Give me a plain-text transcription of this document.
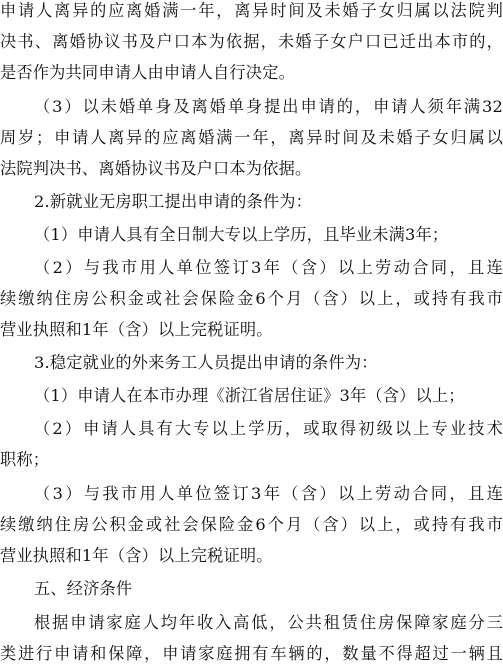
申请人离异的应离婚满一年，离异时间及未婚子女归属以法院判
决书、离婚协议书及户口本为依据，未婚子女户口已迁出本市的，
是否作为共同申请人由申请人自行决定。
（3）以未婚单身及离婚单身提出申请的，申请人须年满32
周岁；申请人离异的应离婚满一年，离异时间及未婚子女归属以
法院判决书、离婚协议书及户口本为依据。
2.新就业无房职工提出申请的条件为：
（1）申请人具有全日制大专以上学历，且毕业未满3年；
（2）与我市用人单位签订3年（含）以上劳动合同，且连
续缴纳住房公积金或社会保险金6个月（含）以上，或持有我市
营业执照和1年（含）以上完税证明。
3.稳定就业的外来务工人员提出申请的条件为：
（1）申请人在本市办理《浙江省居住证》3年（含）以上；
（2）申请人具有大专以上学历，或取得初级以上专业技术
职称；
（3）与我市用人单位签订3年（含）以上劳动合同，且连
续缴纳住房公积金或社会保险金6个月（含）以上，或持有我市
营业执照和1年（含）以上完税证明。
五、经济条件
根据申请家庭人均年收入高低，公共租赁住房保障家庭分三
类进行申请和保障，申请家庭拥有车辆的，数量不得超过一辆且
